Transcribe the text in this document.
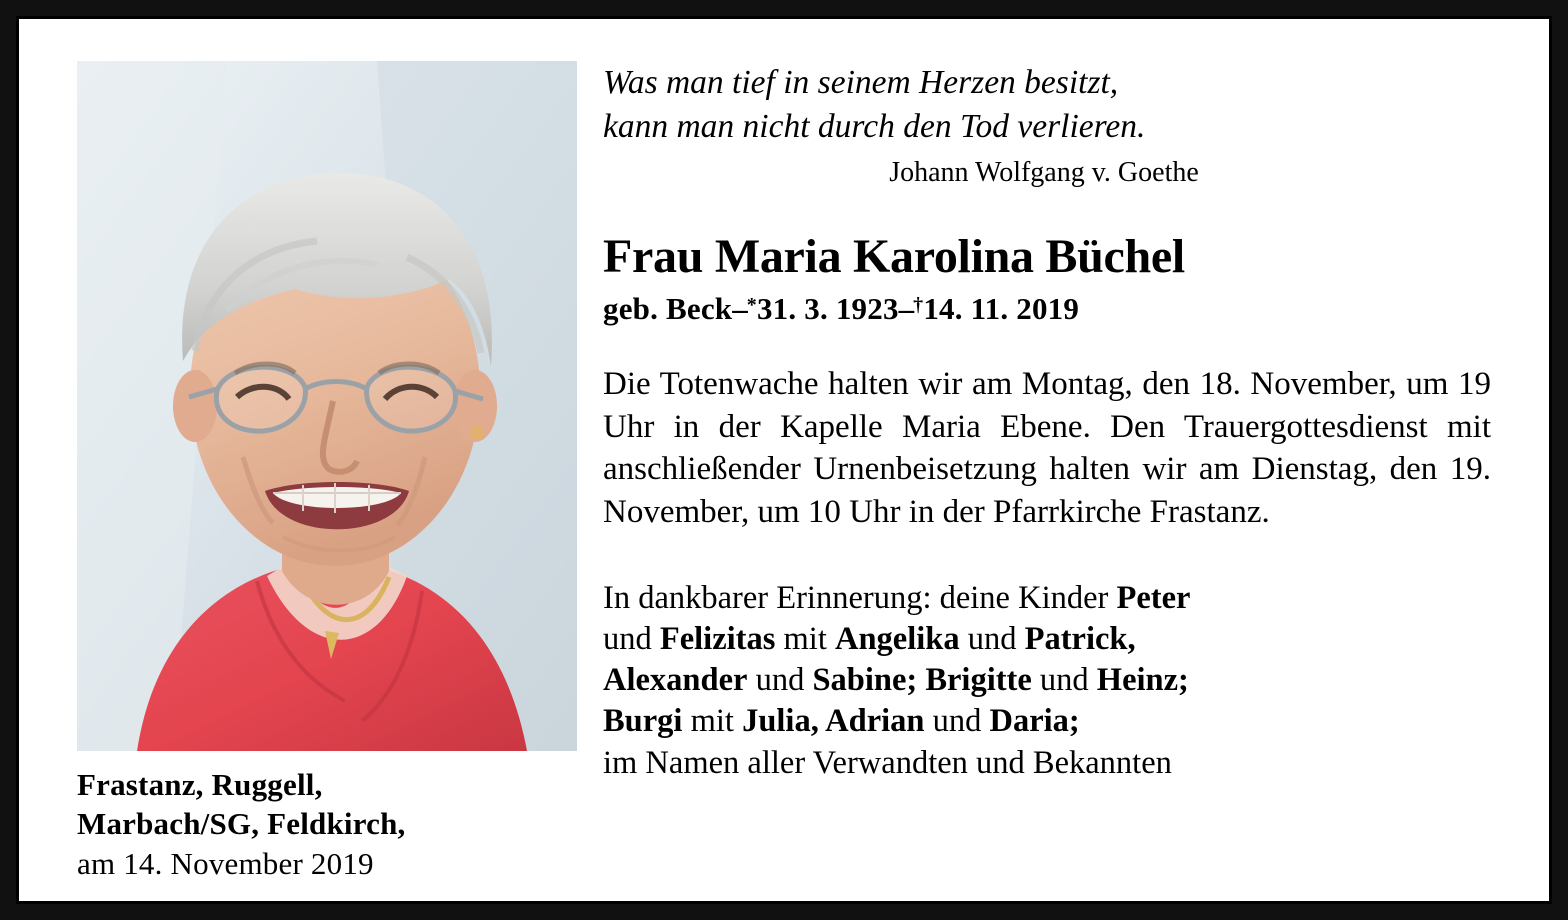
Frastanz, Ruggell,
Marbach/SG, Feldkirch,
am 14. November 2019
Was man tief in seinem Herzen besitzt,
kann man nicht durch den Tod verlieren.
Johann Wolfgang v. Goethe
Frau Maria Karolina Büchel
geb. Beck–*31. 3. 1923–†14. 11. 2019
Die Totenwache halten wir am Montag, den 18. November, um 19 Uhr in der Kapelle Maria Ebene. Den Trauergottesdienst mit anschließender Urnenbeisetzung halten wir am Dienstag, den 19. November, um 10 Uhr in der Pfarrkirche Frastanz.
In dankbarer Erinnerung: deine Kinder Peter
und Felizitas mit Angelika und Patrick,
Alexander und Sabine; Brigitte und Heinz;
Burgi mit Julia, Adrian und Daria;
im Namen aller Verwandten und Bekannten
